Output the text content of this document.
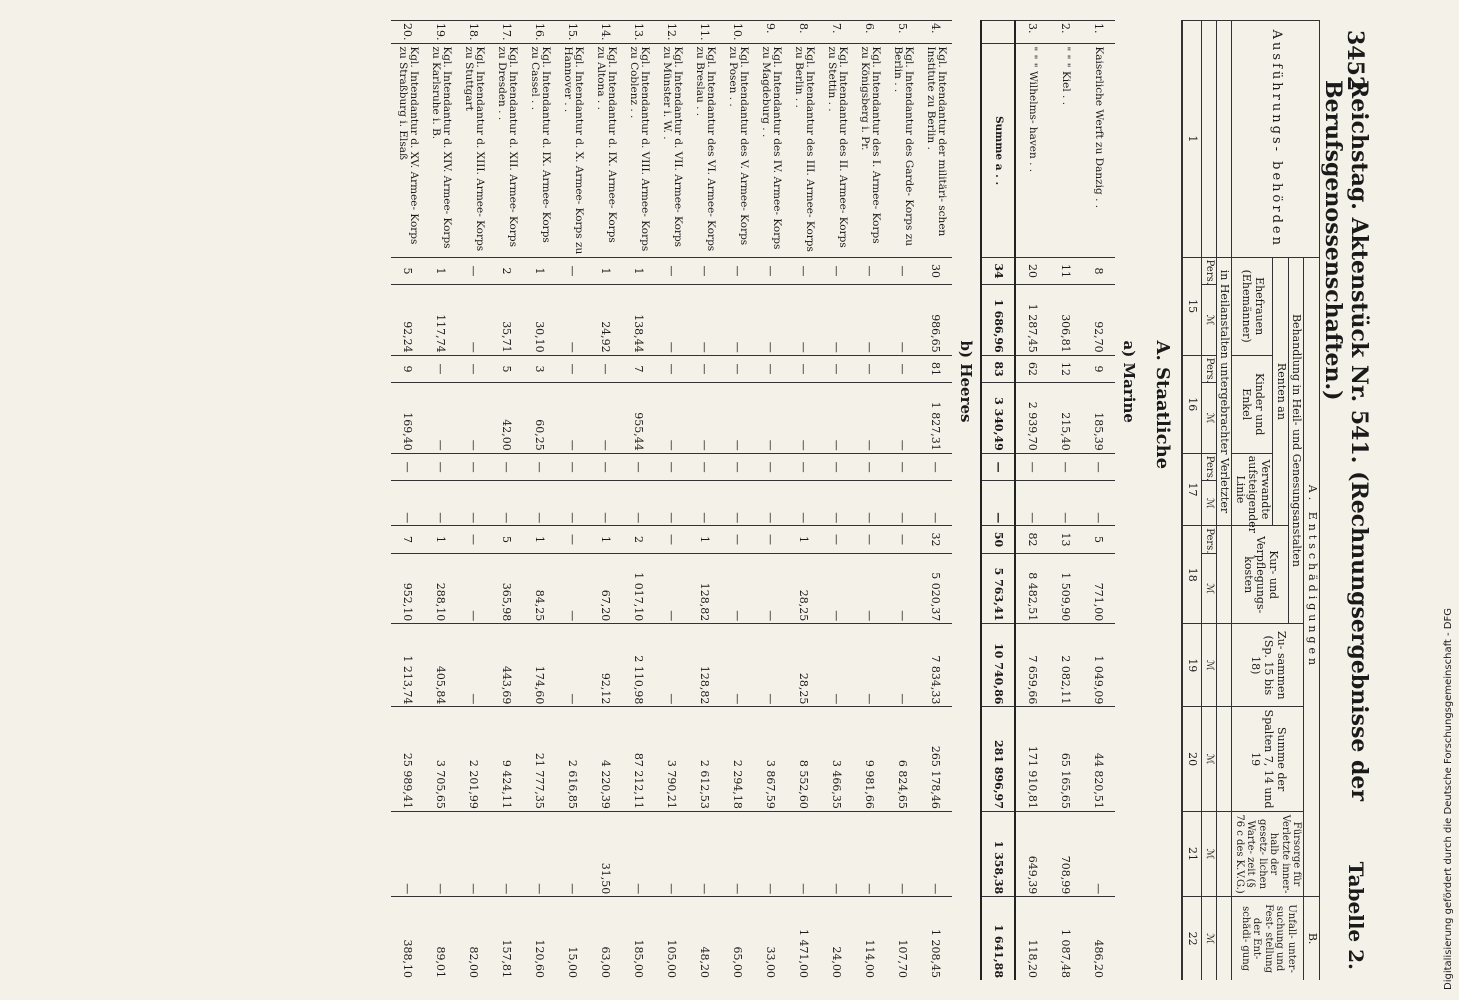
3452
Reichstag. Aktenstück Nr. 541. (Rechnungsergebnisse der Berufsgenossenschaften.)
Tabelle 2.
Ausführungs- behörden		A. Entschädigungen											B.
		Behandlung in Heil- und Genesungsanstalten								Zu- sammen (Sp. 15 bis 18)	Summe der Spalten 7, 14 und 19	Fürsorge für Verletzte inner- halb der gesetz- lichen Warte- zeit (§ 76 c des K.V.G.)	Unfall- unter- suchung und Fest- stellung der Ent- schädi- gung
		Renten an						Kur- und Verpflegungs- kosten					
		Ehefrauen (Ehemänner)		Kinder und Enkel		Verwandte aufsteigender Linie							
		in Heilanstalten untergebrachter Verletzter											
		Pers.	ℳ	Pers.	ℳ	Pers.	ℳ	Pers.	ℳ	ℳ	ℳ	ℳ	ℳ
1		15		16		17		18		19	20	21	22
A. Staatliche													
a) Marine													
1.	Kaiserliche Werft zu Danzig . .	8	92,70	9	185,39	—	—	5	771,00	1 049,09	44 820,51	—	486,20
2.	" " " Kiel . .	11	306,81	12	215,40	—	—	13	1 509,90	2 082,11	65 165,65	708,99	1 087,48
3.	" " " Wilhelms- haven . .	20	1 287,45	62	2 939,70	—	—	82	8 482,51	7 659,66	171 910,81	649,39	118,20
	Summe a . .	34	1 686,96	83	3 340,49	—	—	50	5 763,41	10 740,86	281 896,97	1 358,38	1 641,88
b) Heeres													
4.	Kgl. Intendantur der militäri- schen Institute zu Berlin .	30	986,65	81	1 827,31	—	—	32	5 020,37	7 834,33	265 178,46	—	1 208,45
5.	Kgl. Intendantur des Garde- Korps zu Berlin . .	—	—	—	—	—	—	—	—	—	6 824,65	—	107,70
6.	Kgl. Intendantur des I. Armee- Korps zu Königsberg i. Pr.	—	—	—	—	—	—	—	—	—	9 981,66	—	114,00
7.	Kgl. Intendantur des II. Armee- Korps zu Stettin . .	—	—	—	—	—	—	—	—	—	3 466,35	—	24,00
8.	Kgl. Intendantur des III. Armee- Korps zu Berlin . .	—	—	—	—	—	—	1	28,25	28,25	8 552,60	—	1 471,00
9.	Kgl. Intendantur des IV. Armee- Korps zu Magdeburg . .	—	—	—	—	—	—	—	—	—	3 867,59	—	33,00
10.	Kgl. Intendantur des V. Armee- Korps zu Posen . .	—	—	—	—	—	—	—	—	—	2 294,18	—	65,00
11.	Kgl. Intendantur des VI. Armee- Korps zu Breslau . .	—	—	—	—	—	—	1	128,82	128,82	2 612,53	—	48,20
12.	Kgl. Intendantur d. VII. Armee- Korps zu Münster i. W. .	—	—	—	—	—	—	—	—	—	3 790,21	—	105,00
13.	Kgl. Intendantur d. VIII. Armee- Korps zu Coblenz . .	1	138,44	7	955,44	—	—	2	1 017,10	2 110,98	87 212,11	—	185,00
14.	Kgl. Intendantur d. IX. Armee- Korps zu Altona . .	1	24,92	—	—	—	—	1	67,20	92,12	4 220,39	31,50	63,00
15.	Kgl. Intendantur d. X. Armee- Korps zu Hannover . .	—	—	—	—	—	—	—	—	—	2 616,85	—	15,00
16.	Kgl. Intendantur d. IX. Armee- Korps zu Cassel . .	1	30,10	3	60,25	—	—	1	84,25	174,60	21 777,35	—	120,60
17.	Kgl. Intendantur d. XII. Armee- Korps zu Dresden . .	2	35,71	5	42,00	—	—	5	365,98	443,69	9 424,11	—	157,81
18.	Kgl. Intendantur d. XIII. Armee- Korps zu Stuttgart	—	—	—	—	—	—	—	—	—	2 201,99	—	82,00
19.	Kgl. Intendantur d. XIV. Armee- Korps zu Karlsruhe i. B.	1	117,74	—	—	—	—	1	288,10	405,84	3 705,65	—	89,01
20.	Kgl. Intendantur d. XV. Armee- Korps zu Straßburg i. Elsaß	5	92,24	9	169,40	—	—	7	952,10	1 213,74	25 989,41	—	388,10	Digitalisierung gefördert durch die Deutsche Forschungsgemeinschaft - DFG
